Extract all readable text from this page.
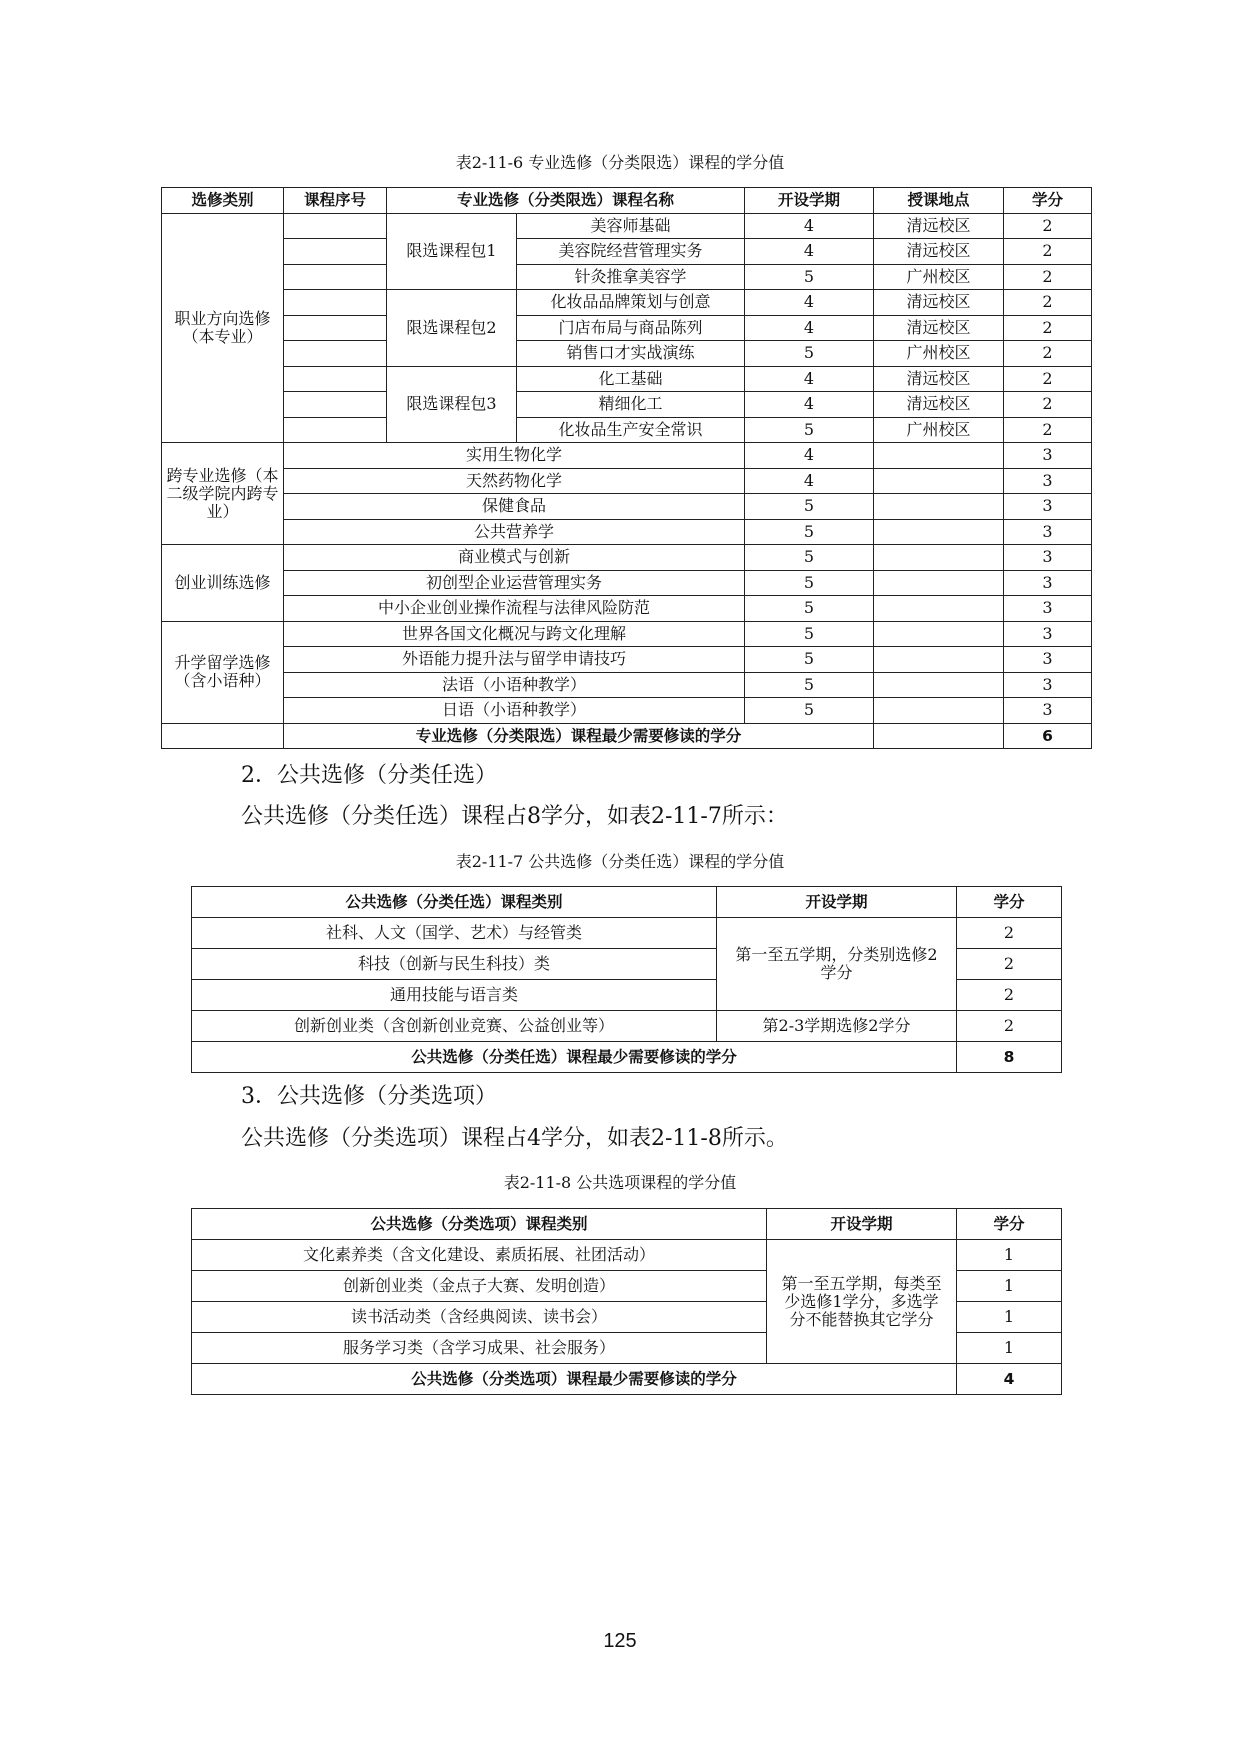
表2-11-6 专业选修（分类限选）课程的学分值
选修类别	课程序号	专业选修（分类限选）课程名称		开设学期	授课地点	学分
职业方向选修（本专业）		限选课程包1	美容师基础	4	清远校区	2
			美容院经营管理实务	4	清远校区	2
			针灸推拿美容学	5	广州校区	2
		限选课程包2	化妆品品牌策划与创意	4	清远校区	2
			门店布局与商品陈列	4	清远校区	2
			销售口才实战演练	5	广州校区	2
		限选课程包3	化工基础	4	清远校区	2
			精细化工	4	清远校区	2
			化妆品生产安全常识	5	广州校区	2
跨专业选修（本二级学院内跨专业）	实用生物化学			4		3
	天然药物化学			4		3
	保健食品			5		3
	公共营养学			5		3
创业训练选修	商业模式与创新			5		3
	初创型企业运营管理实务			5		3
	中小企业创业操作流程与法律风险防范			5		3
升学留学选修（含小语种）	世界各国文化概况与跨文化理解			5		3
	外语能力提升法与留学申请技巧			5		3
	法语（小语种教学）			5		3
	日语（小语种教学）			5		3
	专业选修（分类限选）课程最少需要修读的学分					6
2．公共选修（分类任选）
公共选修（分类任选）课程占8学分，如表2-11-7所示：
表2-11-7 公共选修（分类任选）课程的学分值
公共选修（分类任选）课程类别	开设学期	学分
社科、人文（国学、艺术）与经管类	第一至五学期，分类别选修2学分	2
科技（创新与民生科技）类		2
通用技能与语言类		2
创新创业类（含创新创业竞赛、公益创业等）	第2-3学期选修2学分	2
公共选修（分类任选）课程最少需要修读的学分		8
3．公共选修（分类选项）
公共选修（分类选项）课程占4学分，如表2-11-8所示。
表2-11-8 公共选项课程的学分值
公共选修（分类选项）课程类别	开设学期	学分
文化素养类（含文化建设、素质拓展、社团活动）	第一至五学期，每类至少选修1学分，多选学分不能替换其它学分	1
创新创业类（金点子大赛、发明创造）		1
读书活动类（含经典阅读、读书会）		1
服务学习类（含学习成果、社会服务）		1
公共选修（分类选项）课程最少需要修读的学分		4
125
